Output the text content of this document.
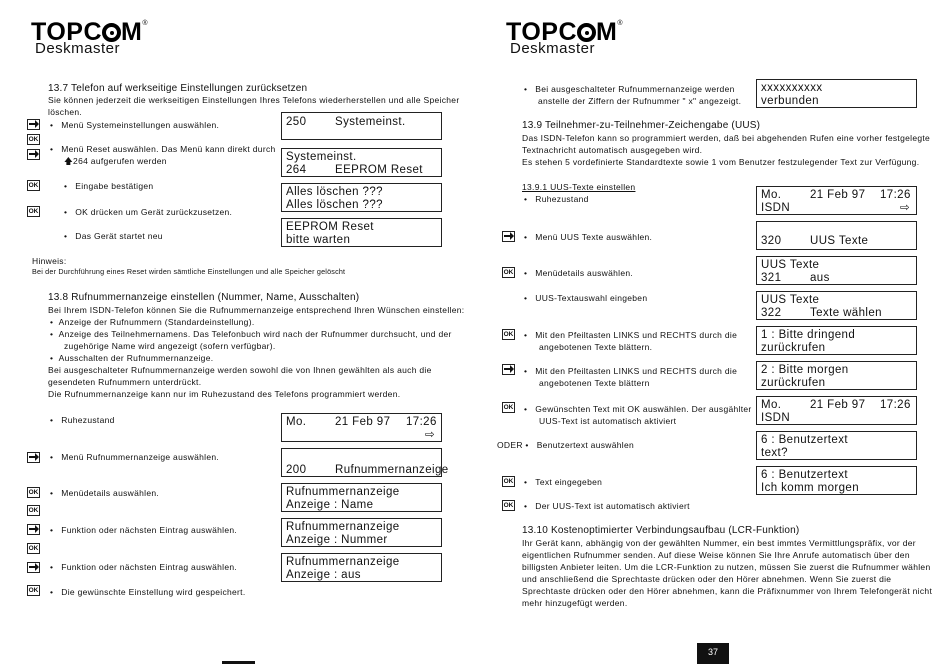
TOPC M®
Deskmaster
13.7 Telefon auf werkseitige Einstellungen zurücksetzen
Sie können jederzeit die werkseitigen Einstellungen Ihres Telefons wiederherstellen und alle Speicher
löschen.
OK
OK
OK
•   Menü Systemeinstellungen auswählen.
•   Menü Reset auswählen. Das Menü kann direkt durch
🡅264 aufgerufen werden
•   Eingabe bestätigen
•   OK drücken um Gerät zurückzusetzen.
•   Das Gerät startet neu
250 Systemeinst.
Systemeinst.
264 EEPROM Reset
Alles löschen ???
Alles löschen ???
EEPROM Reset
bitte warten
Hinweis:
Bei der Durchführung eines Reset wirden sämtliche Einstellungen und alle Speicher gelöscht
13.8 Rufnummernanzeige einstellen (Nummer, Name, Ausschalten)
Bei Ihrem ISDN-Telefon können Sie die Rufnummernanzeige entsprechend Ihren Wünschen einstellen:
•  Anzeige der Rufnummern (Standardeinstellung).
•  Anzeige des Teilnehmernamens. Das Telefonbuch wird nach der Rufnummer durchsucht, und der
zugehörige Name wird angezeigt (sofern verfügbar).
•  Ausschalten der Rufnummernanzeige.
Bei ausgeschalteter Rufnummernanzeige werden sowohl die von Ihnen gewählten als auch die
gesendeten Rufnummern unterdrückt.
Die Rufnummernanzeige kann nur im Ruhezustand des Telefons programmiert werden.
OK
OK
OK
OK
•   Ruhezustand
•   Menü Rufnummernanzeige auswählen.
•   Menüdetails auswählen.
•   Funktion oder nächsten Eintrag auswählen.
•   Funktion oder nächsten Eintrag auswählen.
•   Die gewünschte Einstellung wird gespeichert.
Mo. 21 Feb 97 17:26
⇨
200 Rufnummernanzeige
Rufnummernanzeige
Anzeige : Name
Rufnummernanzeige
Anzeige : Nummer
Rufnummernanzeige
Anzeige : aus
TOPC M®
Deskmaster
•   Bei ausgeschalteter Rufnummernanzeige werden
anstelle der Ziffern der Rufnummer " x" angezeigt.
xxxxxxxxxx
verbunden
13.9 Teilnehmer-zu-Teilnehmer-Zeichengabe (UUS)
Das ISDN-Telefon kann so programmiert werden, daß bei abgehenden Rufen eine vorher festgelegte
Textnachricht automatisch ausgegeben wird.
Es stehen 5 vordefinierte Standardtexte sowie 1 vom Benutzer festzulegender Text zur Verfügung.
13.9.1 UUS-Texte einstellen
OK
OK
OK
OK
OK
•   Ruhezustand
•   Menü UUS Texte auswählen.
•   Menüdetails auswählen.
•   UUS-Textauswahl eingeben
•   Mit den Pfeiltasten LINKS und RECHTS durch die
angebotenen Texte blättern.
•   Mit den Pfeiltasten LINKS und RECHTS durch die
angebotenen Texte blättern
•   Gewünschten Text mit OK auswählen. Der ausgählter
UUS-Text ist automatisch aktiviert
ODER •   Benutzertext auswählen
•   Text eingegeben
•   Der UUS-Text ist automatisch aktiviert
Mo. 21 Feb 97 17:26
ISDN	⇨
320 UUS Texte
UUS Texte
321 aus
UUS Texte
322 Texte wählen
1 : Bitte dringend
zurückrufen
2 : Bitte morgen
zurückrufen
Mo. 21 Feb 97 17:26
ISDN
6 : Benutzertext
text?
6 : Benutzertext
Ich komm morgen
13.10 Kostenoptimierter Verbindungsaufbau (LCR-Funktion)
Ihr Gerät kann, abhängig von der gewählten Nummer, ein best immtes Vermittlungspräfix, vor der
eigentlichen Rufnummer senden. Auf diese Weise können Sie Ihre Anrufe automatisch über den
billigsten Anbieter leiten. Um die LCR-Funktion zu nutzen, müssen Sie zuerst die Rufnummer wählen
und anschließend die Sprechtaste drücken oder den Hörer abnehmen. Wenn Sie zuerst die
Sprechtaste drücken oder den Hörer abnehmen, kann die Präfixnummer von Ihrem Telefongerät nicht
mehr hinzugefügt werden.
37
